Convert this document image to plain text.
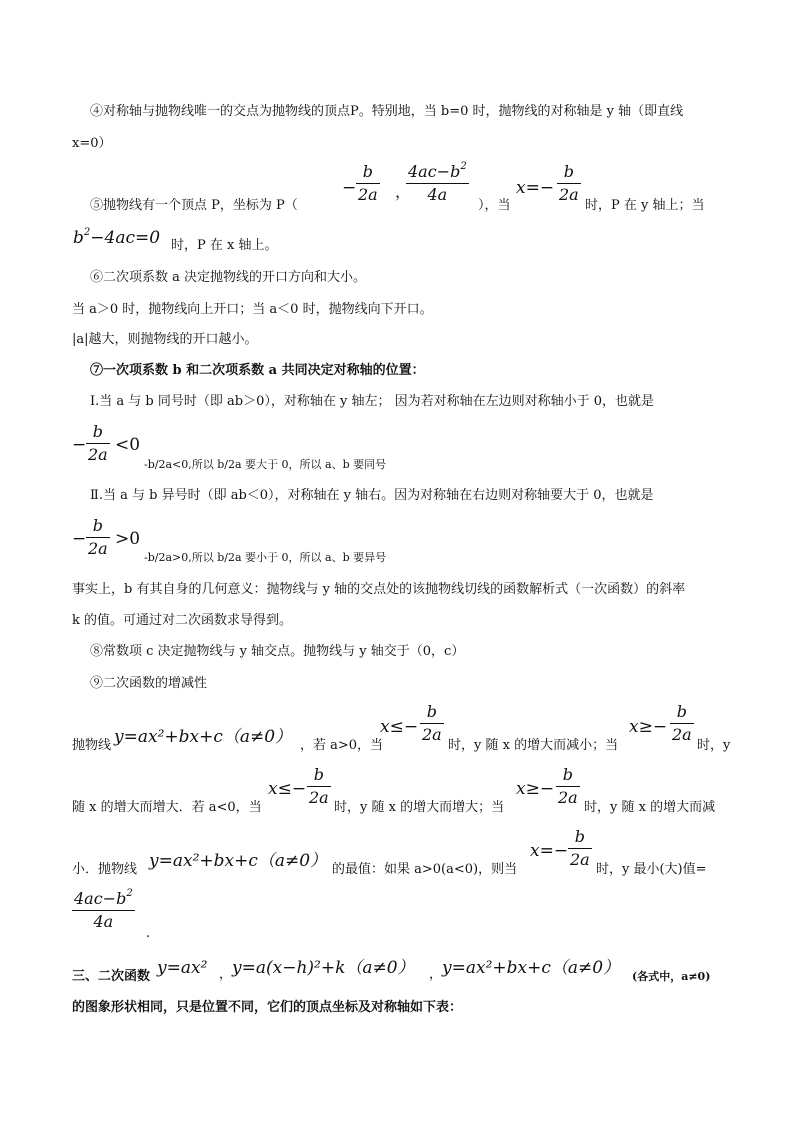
④对称轴与抛物线唯一的交点为抛物线的顶点P。特别地，当 b=0 时，抛物线的对称轴是 y 轴（即直线
x=0）
⑤抛物线有一个顶点 P，坐标为 P（
−
b
2a ，
$4ac-b^2$
4a
），当
x=−
b
2a
时，P 在 y 轴上；当
$b^2-4ac=0$ 时，P 在 x 轴上。
⑥二次项系数 a 决定抛物线的开口方向和大小。
当 a＞0 时，抛物线向上开口；当 a＜0 时，抛物线向下开口。
|a|越大，则抛物线的开口越小。
⑦一次项系数 b 和二次项系数 a 共同决定对称轴的位置：
Ⅰ.当 a 与 b 同号时（即 ab＞0），对称轴在 y 轴左； 因为若对称轴在左边则对称轴小于 0，也就是
−
b
2a <0
-b/2a<0,所以 b/2a 要大于 0，所以 a、b 要同号
Ⅱ.当 a 与 b 异号时（即 ab＜0），对称轴在 y 轴右。因为对称轴在右边则对称轴要大于 0，也就是
−
b
2a >0
-b/2a>0,所以 b/2a 要小于 0，所以 a、b 要异号
事实上，b 有其自身的几何意义：抛物线与 y 轴的交点处的该抛物线切线的函数解析式（一次函数）的斜率
k 的值。可通过对二次函数求导得到。
⑧常数项 c 决定抛物线与 y 轴交点。抛物线与 y 轴交于（0，c）
⑨二次函数的增减性
抛物线 y=ax²+bx+c（a≠0） ，若 a>0，当
x≤−
b
2a
时，y 随 x 的增大而减小；当
x≥−
b
2a
时，y
随 x 的增大而增大．若 a<0，当
x≤−
b
2a
时，y 随 x 的增大而增大；当
x≥−
b
2a
时，y 随 x 的增大而减
小．抛物线 y=ax²+bx+c（a≠0） 的最值：如果 a>0(a<0)，则当
x=−
b
2a
时，y 最小(大)值=
$4ac-b^2$
4a
.
三、二次函数 y=ax² ， y=a(x−h)²+k（a≠0） ， y=ax²+bx+c（a≠0） (各式中，a≠0)
的图象形状相同，只是位置不同，它们的顶点坐标及对称轴如下表：
